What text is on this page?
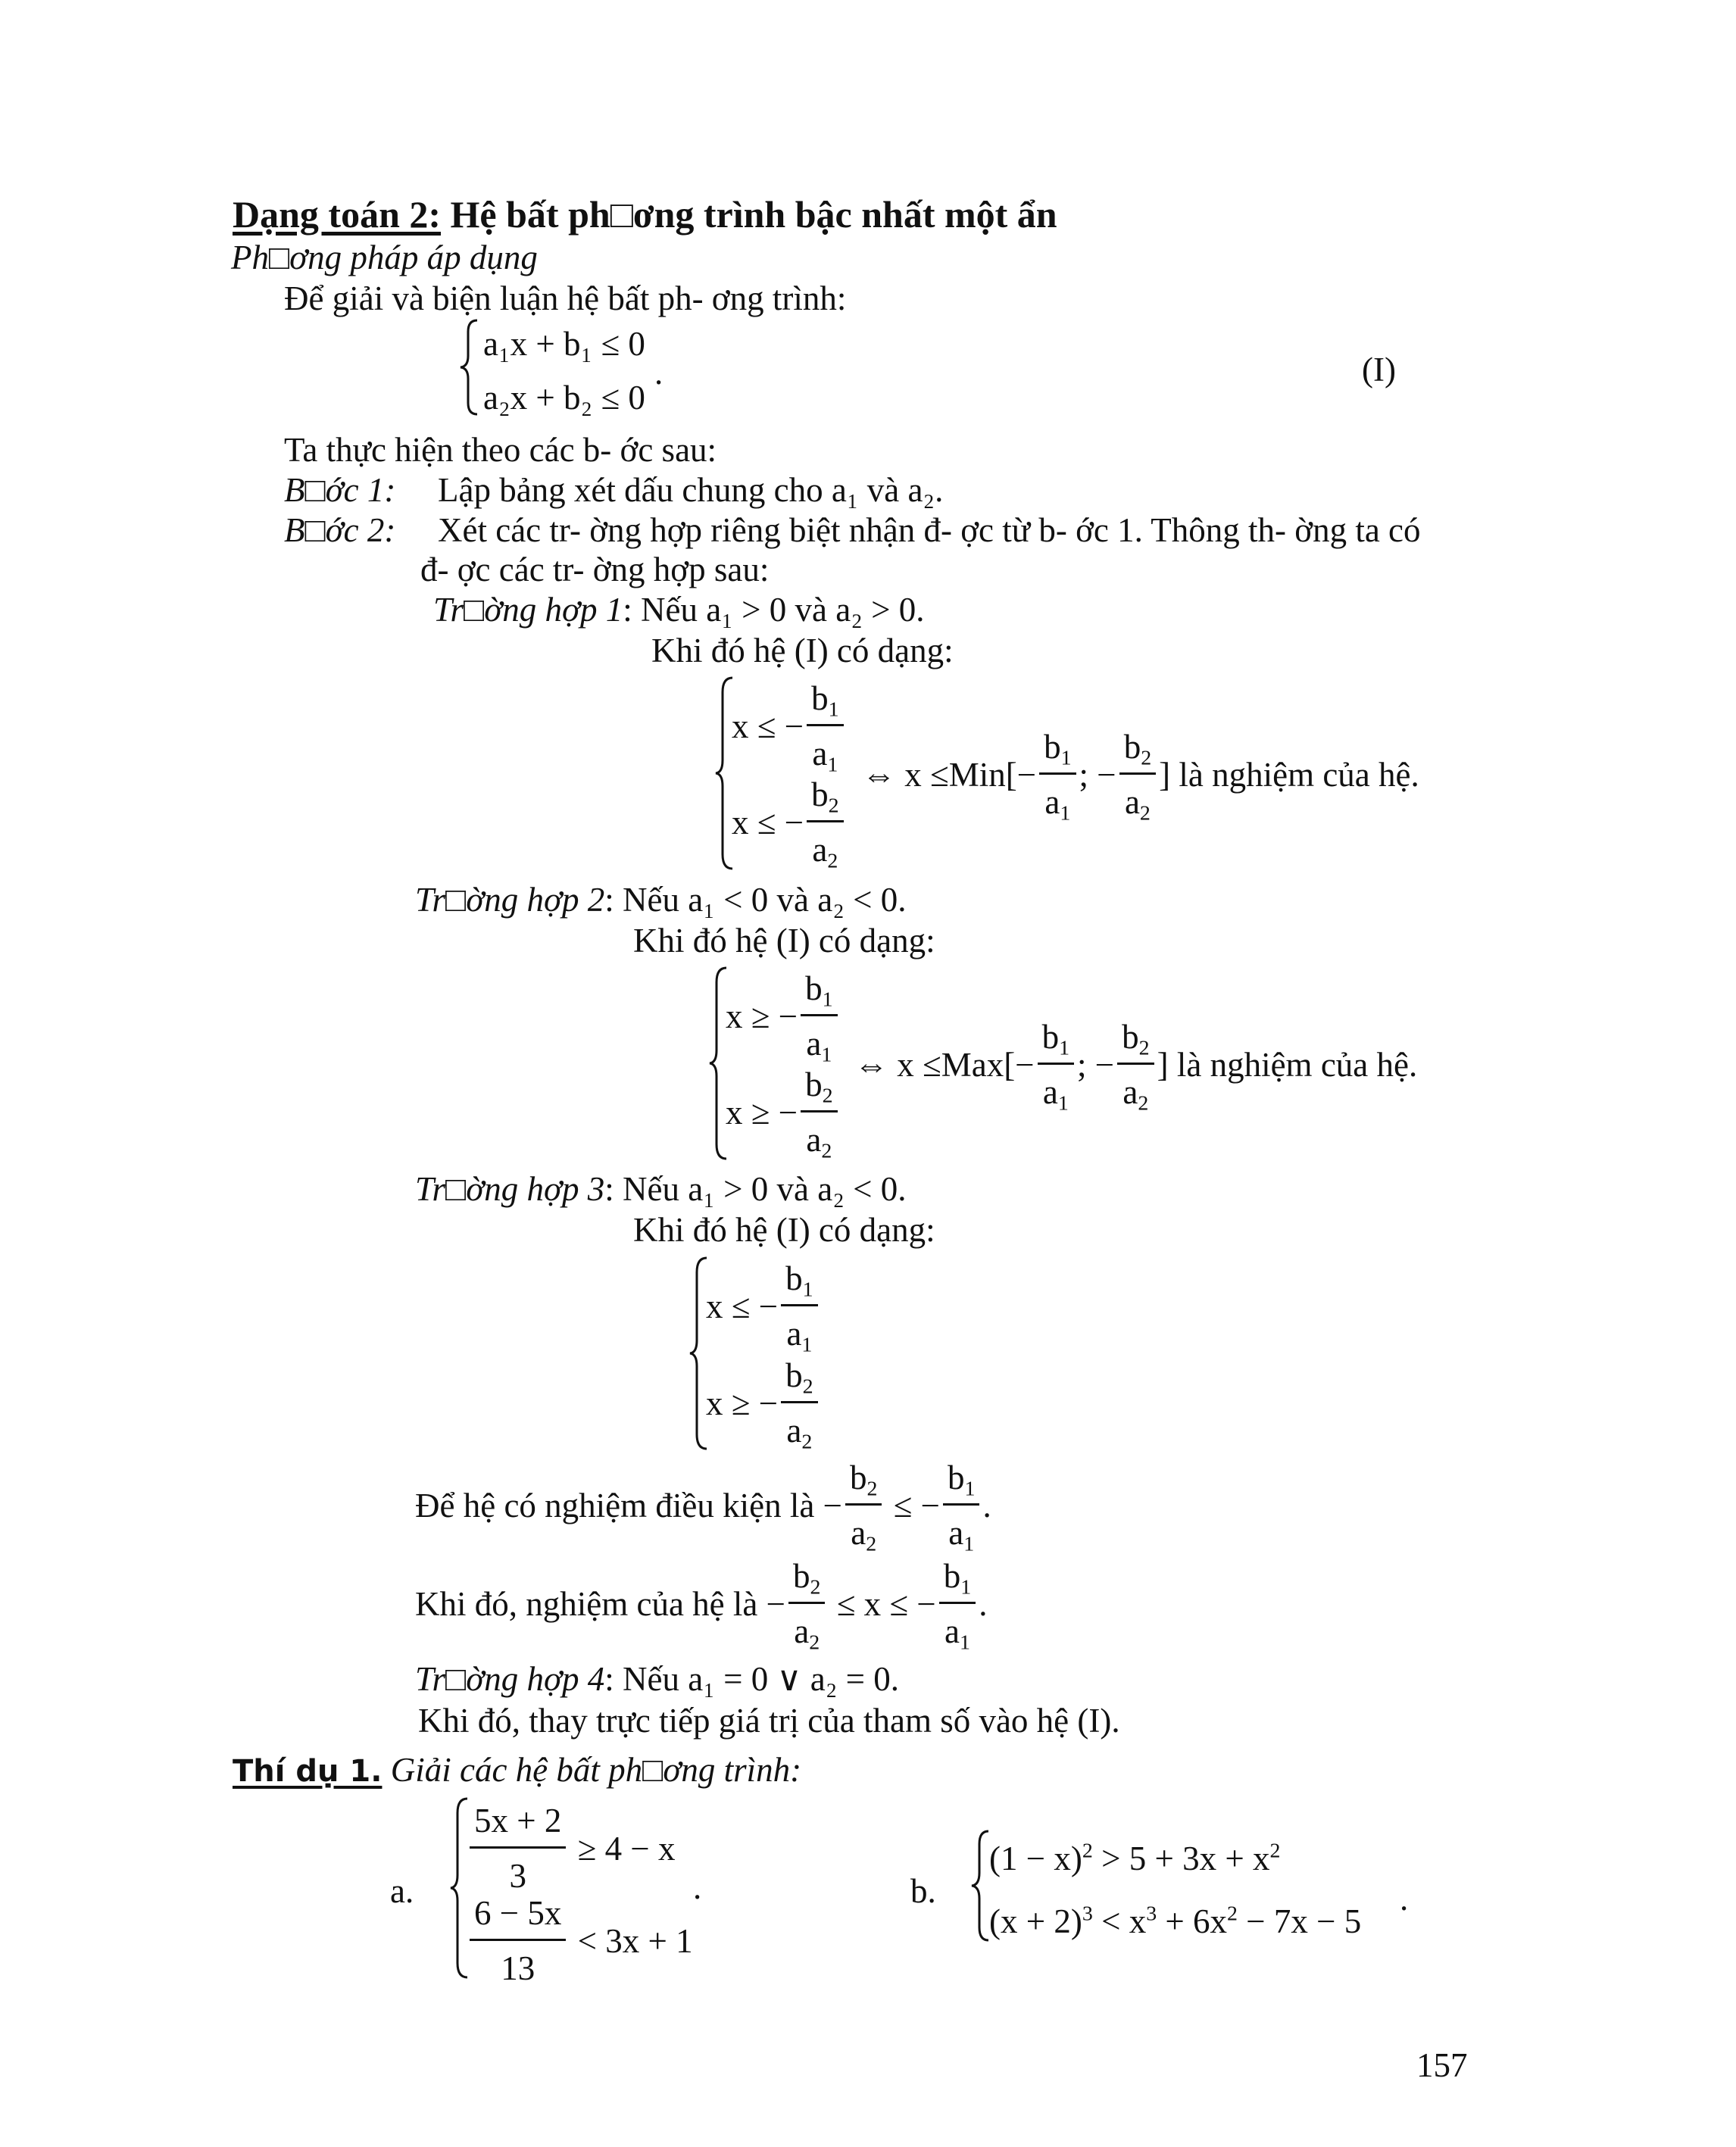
Dạng toán 2: Hệ bất ph□ơng trình bậc nhất một ẩn
Ph□ơng pháp áp dụng
Để giải và biện luận hệ bất ph- ơng trình:
a₁x + b₁ ≤ 0
a₂x + b₂ ≤ 0
.	(I)
Ta thực hiện theo các b- ớc sau:
B□ớc 1: Lập bảng xét dấu chung cho a₁ và a₂.
B□ớc 2: Xét các tr- ờng hợp riêng biệt nhận đ- ợc từ b- ớc 1. Thông th- ờng ta có
đ- ợc các tr- ờng hợp sau:
Tr□ờng hợp 1: Nếu a₁ > 0 và a₂ > 0.
Khi đó hệ (I) có dạng:
x ≤ − $\frac{b_1}{a_1}$
x ≤ − $\frac{b_2}{a_2}$
⇔ x ≤ Min [− $\frac{b_1}{a_1}$ ; − $\frac{b_2}{a_2}$ ] là nghiệm của hệ.
Tr□ờng hợp 2: Nếu a₁ < 0 và a₂ < 0.
Khi đó hệ (I) có dạng:
x ≥ − $\frac{b_1}{a_1}$
x ≥ − $\frac{b_2}{a_2}$
⇔ x ≤ Max [− $\frac{b_1}{a_1}$ ; − $\frac{b_2}{a_2}$ ] là nghiệm của hệ.
Tr□ờng hợp 3: Nếu a₁ > 0 và a₂ < 0.
Khi đó hệ (I) có dạng:
x ≤ − $\frac{b_1}{a_1}$
x ≥ − $\frac{b_2}{a_2}$
Để hệ có nghiệm điều kiện là − $\frac{b_2}{a_2}$ ≤ − $\frac{b_1}{a_1}$ .
Khi đó, nghiệm của hệ là − $\frac{b_2}{a_2} \le x$ ≤ − $\frac{b_1}{a_1}$ .
Tr□ờng hợp 4: Nếu a₁ = 0 ∨ a₂ = 0.
Khi đó, thay trực tiếp giá trị của tham số vào hệ (I).
Thí dụ 1. Giải các hệ bất ph□ơng trình:
a. $\frac{5x + 2}{3} \ge 4 - x$
$\frac{6 - 5x}{13} < 3x + 1$
.	b.
$(1 - x)^2 > 5 + 3x + x^2$
$(x + 2)^3 < x^3 + 6x^2 - 7x - 5$
.
157
